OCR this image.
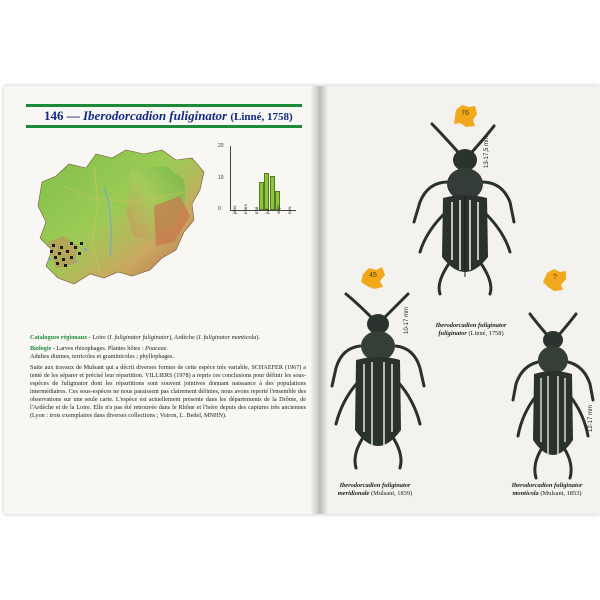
146 — Iberodorcadion fuliginator (Linné, 1758)
20
10
0 janv. mars mai juil. sept. nov.

Catalogues régionaux - Loire (I. fuliginator fuliginator), Ardèche (I. fuliginator monticola).

Biologie - Larves rhizophages. Plantes hôtes : Poaceae.
Adultes diurnes, terricoles et graminicoles ; phyllophages.

Suite aux travaux de Mulsant qui a décrit diverses formes de cette espèce très variable, SCHAEFER (1967) a tenté de les séparer et précisé leur répartition. VILLIERS (1978) a repris ces conclusions pour définir les sous-espèces de fuliginator dont les répartitions sont souvent jointives donnant naissance à des populations intermédiaires. Ces sous-espèces ne nous paraissent pas clairement définies, nous avons reporté l'ensemble des observations sur une seule carte. L'espèce est actuellement présente dans les départements de la Drôme, de l'Ardèche et de la Loire. Elle n'a pas été retrouvée dans le Rhône et l'Isère depuis des captures très anciennes (Lyon : trois exemplaires dans diverses collections ; Voiron, L. Bedel, MNHN).

76
13-17,5 mm
Iberodorcadion fuliginator
fuliginator (Linné, 1758)
45
10-17 mm
Iberodorcadion fuliginator
meridionale (Mulsant, 1839)
?
12-17 mm
Iberodorcadion fuliginator
monticola (Mulsant, 1853)
